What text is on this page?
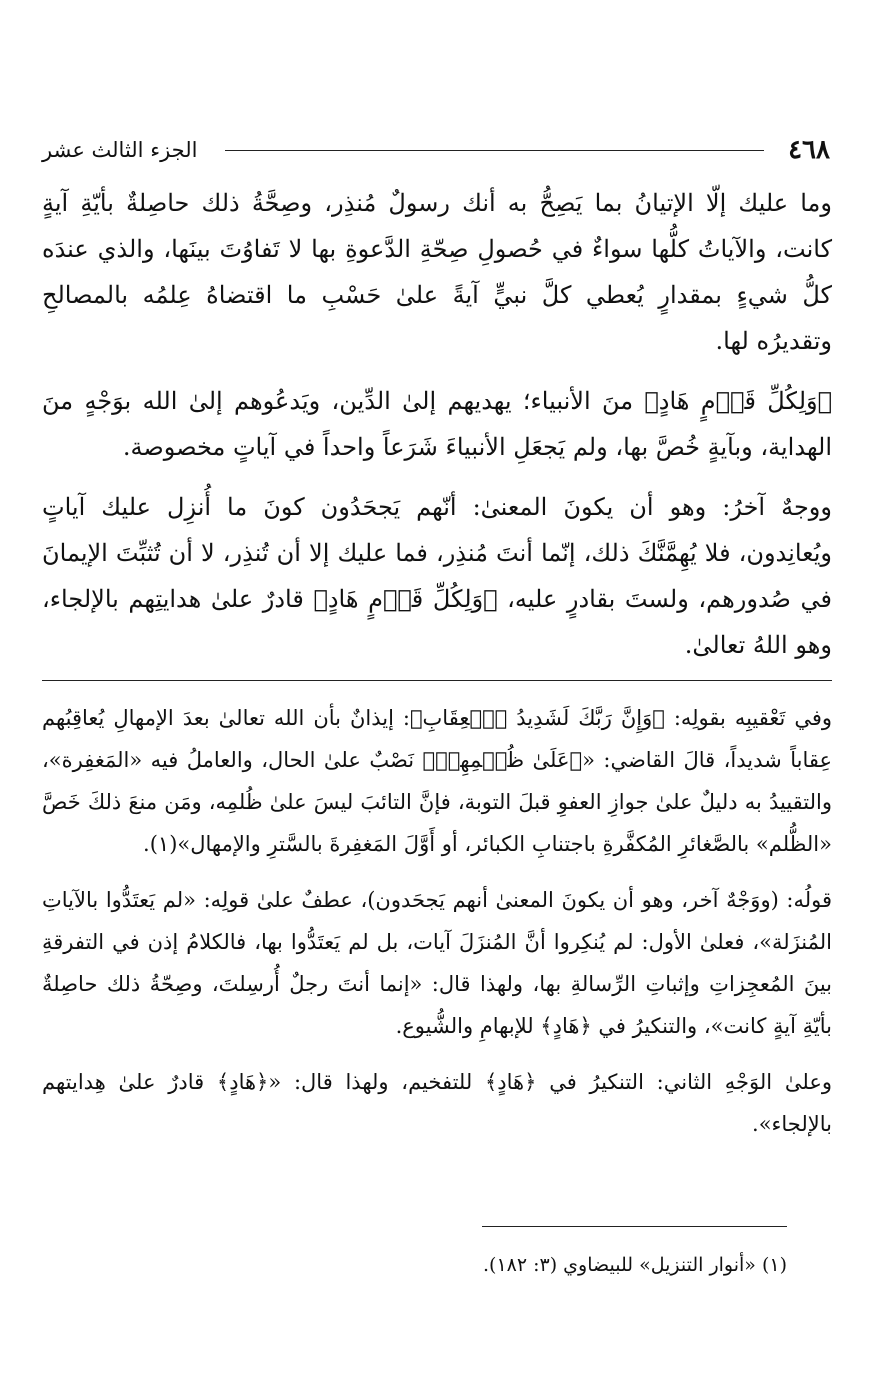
الجزء الثالث عشر	٤٦٨

وما عليك إلّا الإتيانُ بما يَصِحُّ به أنك رسولٌ مُنذِر، وصِحَّةُ ذلك حاصِلةٌ بأيّةِ آيةٍ كانت، والآياتُ كلُّها سواءٌ في حُصولِ صِحّةِ الدَّعوةِ بها لا تَفاوُتَ بينَها، والذي عندَه كلُّ شيءٍ بمقدارٍ يُعطي كلَّ نبيٍّ آيةً علىٰ حَسْبِ ما اقتضاهُ عِلمُه بالمصالحِ وتقديرُه لها.

﴿وَلِكُلِّ قَوۡمٍ هَادٍ﴾ منَ الأنبياء؛ يهديهم إلىٰ الدِّين، ويَدعُوهم إلىٰ الله بوَجْهٍ منَ الهداية، وبآيةٍ خُصَّ بها، ولم يَجعَلِ الأنبياءَ شَرَعاً واحداً في آياتٍ مخصوصة.

ووجهٌ آخرُ: وهو أن يكونَ المعنىٰ: أنّهم يَجحَدُون كونَ ما أُنزِل عليك آياتٍ ويُعانِدون، فلا يُهِمَّنَّكَ ذلك، إنّما أنتَ مُنذِر، فما عليك إلا أن تُنذِر، لا أن تُثبِّتَ الإيمانَ في صُدورهم، ولستَ بقادرٍ عليه، ﴿وَلِكُلِّ قَوۡمٍ هَادٍ﴾ قادرٌ علىٰ هدايتِهم بالإلجاء، وهو اللهُ تعالىٰ.

وفي تَعْقيبِه بقولِه: ﴿وَإِنَّ رَبَّكَ لَشَدِيدُ ٱلۡعِقَابِ﴾: إيذانٌ بأن الله تعالىٰ بعدَ الإمهالِ يُعاقِبُهم عِقاباً شديداً، قالَ القاضي: «﴿عَلَىٰ ظُلۡمِهِمۡ﴾ نَصْبٌ علىٰ الحال، والعاملُ فيه «المَغفِرة»، والتقييدُ به دليلٌ علىٰ جوازِ العفوِ قبلَ التوبة، فإنَّ التائبَ ليسَ علىٰ ظُلمِه، ومَن منعَ ذلكَ خَصَّ «الظُّلم» بالصَّغائرِ المُكفَّرةِ باجتنابِ الكبائر، أو أَوَّلَ المَغفِرةَ بالسَّترِ والإمهال»(١).

قولُه: (ووَجْهٌ آخر، وهو أن يكونَ المعنىٰ أنهم يَجحَدون)، عطفٌ علىٰ قولِه: «لم يَعتَدُّوا بالآياتِ المُنزَلة»، فعلىٰ الأول: لم يُنكِروا أنَّ المُنزَلَ آيات، بل لم يَعتَدُّوا بها، فالكلامُ إذن في التفرقةِ بينَ المُعجِزاتِ وإثباتِ الرِّسالةِ بها، ولهذا قال: «إنما أنتَ رجلٌ أُرسِلتَ، وصِحّةُ ذلك حاصِلةٌ بأيّةِ آيةٍ كانت»، والتنكيرُ في ﴿هَادٍ﴾ للإبهامِ والشُّيوع.

وعلىٰ الوَجْهِ الثاني: التنكيرُ في ﴿هَادٍ﴾ للتفخيم، ولهذا قال: «﴿هَادٍ﴾ قادرٌ علىٰ هِدايتهم بالإلجاء».

(١) «أنوار التنزيل» للبيضاوي (٣: ١٨٢).
